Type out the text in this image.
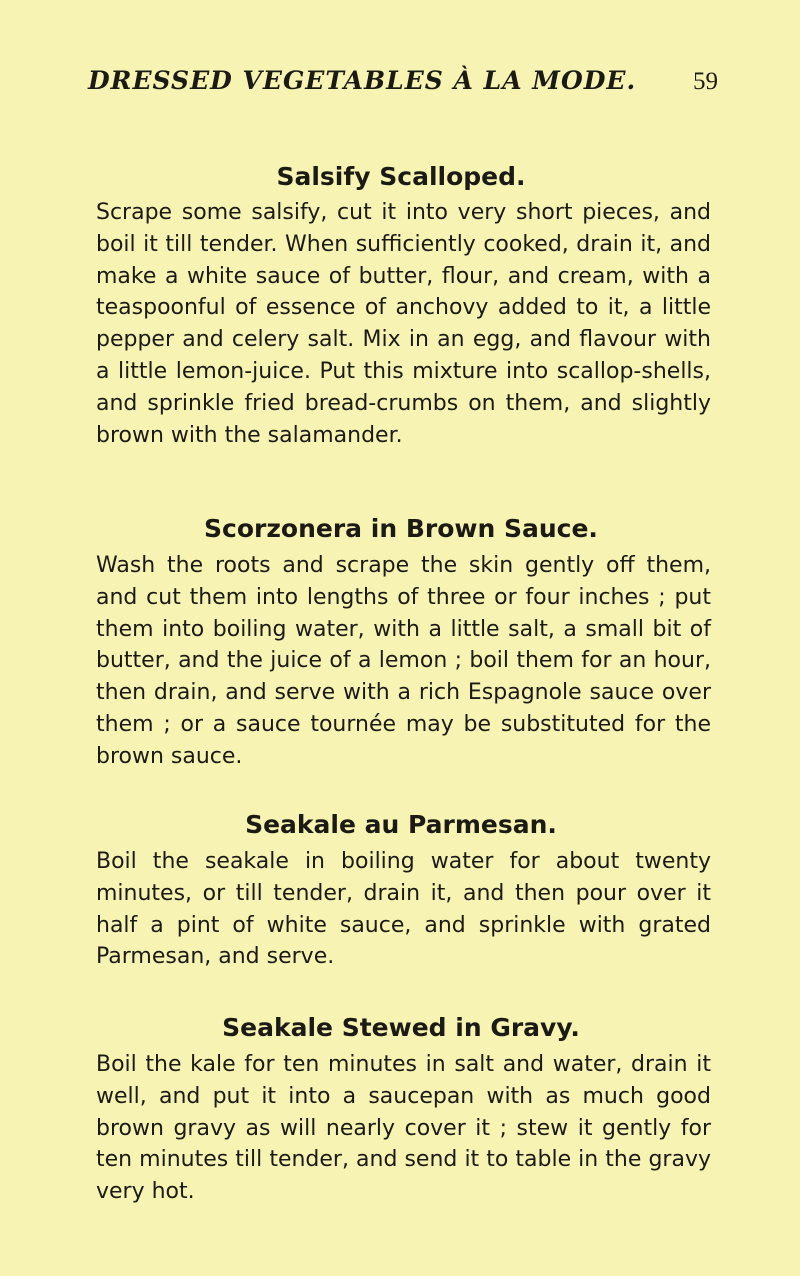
DRESSED VEGETABLES À LA MODE. 59
Salsify Scalloped.
Scrape some salsify, cut it into very short pieces, and boil it till tender. When sufficiently cooked, drain it, and make a white sauce of butter, flour, and cream, with a teaspoonful of essence of anchovy added to it, a little pepper and celery salt. Mix in an egg, and flavour with a little lemon-juice. Put this mixture into scallop-shells, and sprinkle fried bread-crumbs on them, and slightly brown with the salamander.
Scorzonera in Brown Sauce.
Wash the roots and scrape the skin gently off them, and cut them into lengths of three or four inches ; put them into boiling water, with a little salt, a small bit of butter, and the juice of a lemon ; boil them for an hour, then drain, and serve with a rich Espagnole sauce over them ; or a sauce tournée may be substituted for the brown sauce.
Seakale au Parmesan.
Boil the seakale in boiling water for about twenty minutes, or till tender, drain it, and then pour over it half a pint of white sauce, and sprinkle with grated Parmesan, and serve.
Seakale Stewed in Gravy.
Boil the kale for ten minutes in salt and water, drain it well, and put it into a saucepan with as much good brown gravy as will nearly cover it ; stew it gently for ten minutes till tender, and send it to table in the gravy very hot.
